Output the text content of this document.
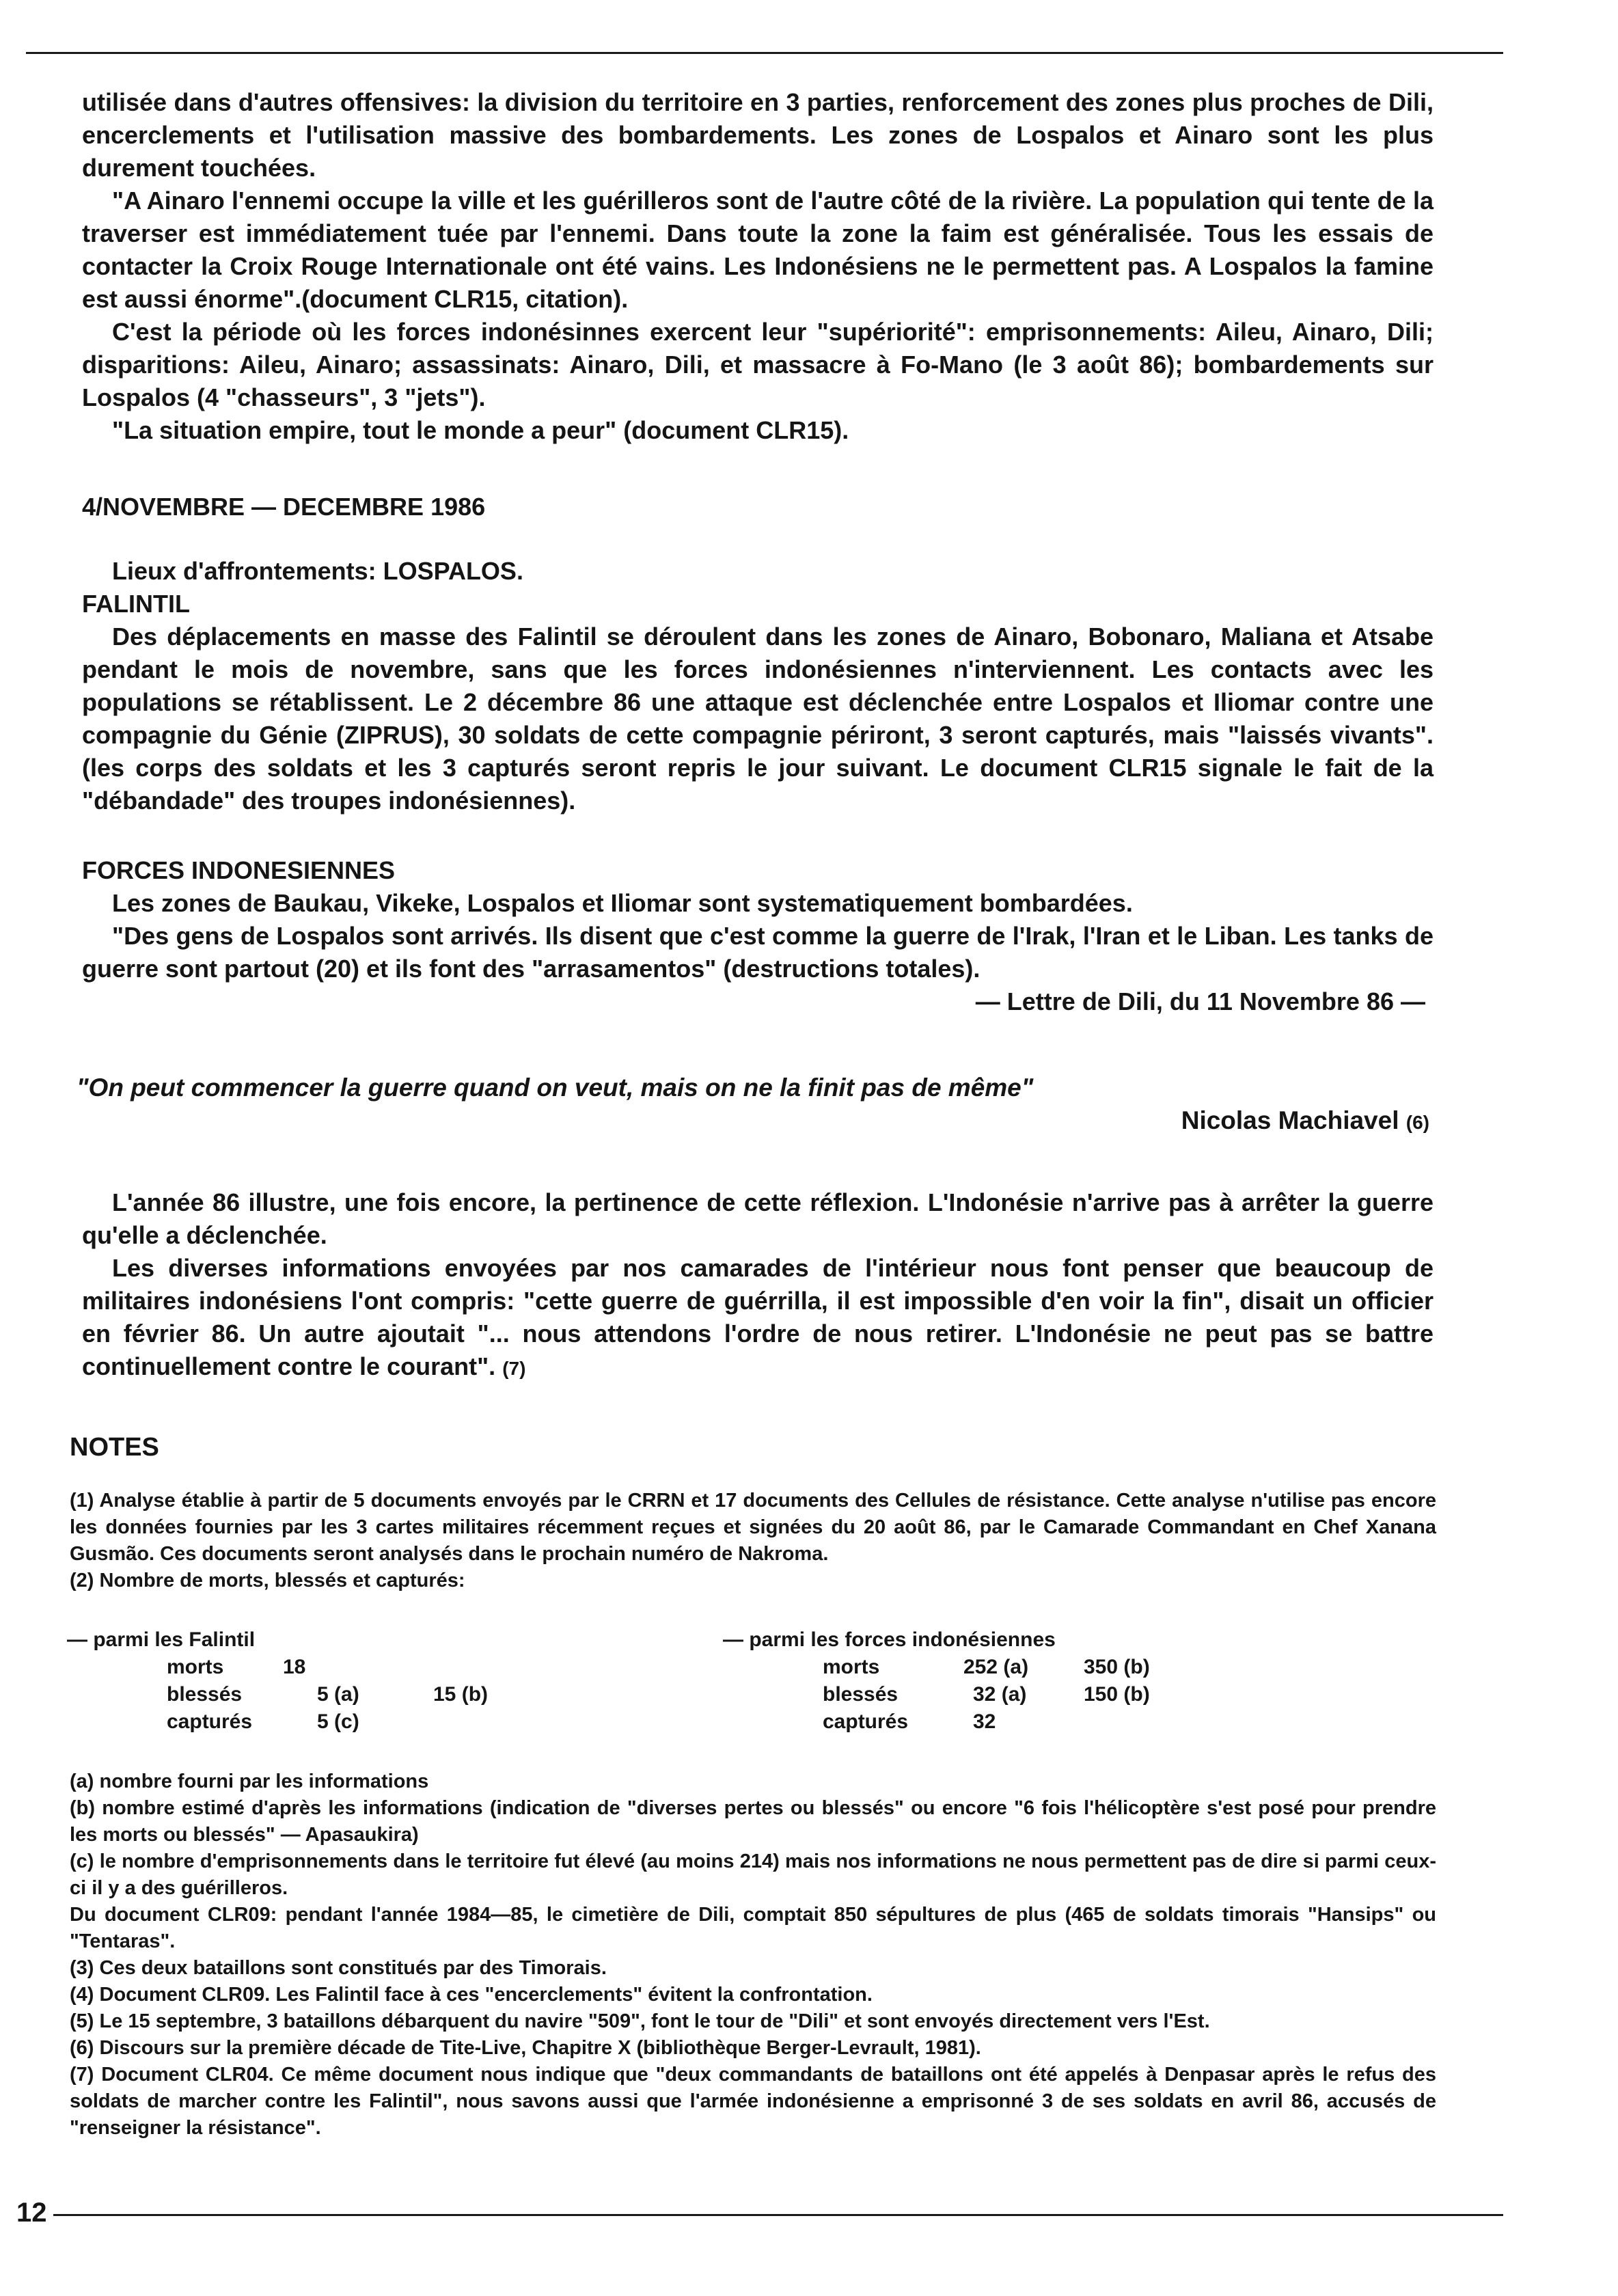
utilisée dans d'autres offensives: la division du territoire en 3 parties, renforcement des zones plus proches de Dili, encerclements et l'utilisation massive des bombardements. Les zones de Lospalos et Ainaro sont les plus durement touchées.

"A Ainaro l'ennemi occupe la ville et les guérilleros sont de l'autre côté de la rivière. La population qui tente de la traverser est immédiatement tuée par l'ennemi. Dans toute la zone la faim est généralisée. Tous les essais de contacter la Croix Rouge Internationale ont été vains. Les Indonésiens ne le permettent pas. A Lospalos la famine est aussi énorme".(document CLR15, citation).

C'est la période où les forces indonésinnes exercent leur "supériorité": emprisonnements: Aileu, Ainaro, Dili; disparitions: Aileu, Ainaro; assassinats: Ainaro, Dili, et massacre à Fo-Mano (le 3 août 86); bombardements sur Lospalos (4 "chasseurs", 3 "jets").

"La situation empire, tout le monde a peur" (document CLR15).

4/NOVEMBRE — DECEMBRE 1986

Lieux d'affrontements: LOSPALOS.

FALINTIL

Des déplacements en masse des Falintil se déroulent dans les zones de Ainaro, Bobonaro, Maliana et Atsabe pendant le mois de novembre, sans que les forces indonésiennes n'interviennent. Les contacts avec les populations se rétablissent. Le 2 décembre 86 une attaque est déclenchée entre Lospalos et Iliomar contre une compagnie du Génie (ZIPRUS), 30 soldats de cette compagnie périront, 3 seront capturés, mais "laissés vivants". (les corps des soldats et les 3 capturés seront repris le jour suivant. Le document CLR15 signale le fait de la "débandade" des troupes indonésiennes).

FORCES INDONESIENNES

Les zones de Baukau, Vikeke, Lospalos et Iliomar sont systematiquement bombardées.

"Des gens de Lospalos sont arrivés. Ils disent que c'est comme la guerre de l'Irak, l'Iran et le Liban. Les tanks de guerre sont partout (20) et ils font des "arrasamentos" (destructions totales).

— Lettre de Dili, du 11 Novembre 86 —

"On peut commencer la guerre quand on veut, mais on ne la finit pas de même"

Nicolas Machiavel (6)

L'année 86 illustre, une fois encore, la pertinence de cette réflexion. L'Indonésie n'arrive pas à arrêter la guerre qu'elle a déclenchée.

Les diverses informations envoyées par nos camarades de l'intérieur nous font penser que beaucoup de militaires indonésiens l'ont compris: "cette guerre de guérrilla, il est impossible d'en voir la fin", disait un officier en février 86. Un autre ajoutait "... nous attendons l'ordre de nous retirer. L'Indonésie ne peut pas se battre continuellement contre le courant". (7)

NOTES

(1) Analyse établie à partir de 5 documents envoyés par le CRRN et 17 documents des Cellules de résistance. Cette analyse n'utilise pas encore les données fournies par les 3 cartes militaires récemment reçues et signées du 20 août 86, par le Camarade Commandant en Chef Xanana Gusmão. Ces documents seront analysés dans le prochain numéro de Nakroma.

(2) Nombre de morts, blessés et capturés:

— parmi les Falintil
morts	18
blessés	5 (a)	15 (b)
capturés	5 (c)
— parmi les forces indonésiennes
morts	252 (a)	350 (b)
blessés	32 (a)	150 (b)
capturés	32

(a) nombre fourni par les informations

(b) nombre estimé d'après les informations (indication de "diverses pertes ou blessés" ou encore "6 fois l'hélicoptère s'est posé pour prendre les morts ou blessés" — Apasaukira)

(c) le nombre d'emprisonnements dans le territoire fut élevé (au moins 214) mais nos informations ne nous permettent pas de dire si parmi ceux-ci il y a des guérilleros.

Du document CLR09: pendant l'année 1984—85, le cimetière de Dili, comptait 850 sépultures de plus (465 de soldats timorais "Hansips" ou "Tentaras".

(3) Ces deux bataillons sont constitués par des Timorais.

(4) Document CLR09. Les Falintil face à ces "encerclements" évitent la confrontation.

(5) Le 15 septembre, 3 bataillons débarquent du navire "509", font le tour de "Dili" et sont envoyés directement vers l'Est.

(6) Discours sur la première décade de Tite-Live, Chapitre X (bibliothèque Berger-Levrault, 1981).

(7) Document CLR04. Ce même document nous indique que "deux commandants de bataillons ont été appelés à Denpasar après le refus des soldats de marcher contre les Falintil", nous savons aussi que l'armée indonésienne a emprisonné 3 de ses soldats en avril 86, accusés de "renseigner la résistance".

12
